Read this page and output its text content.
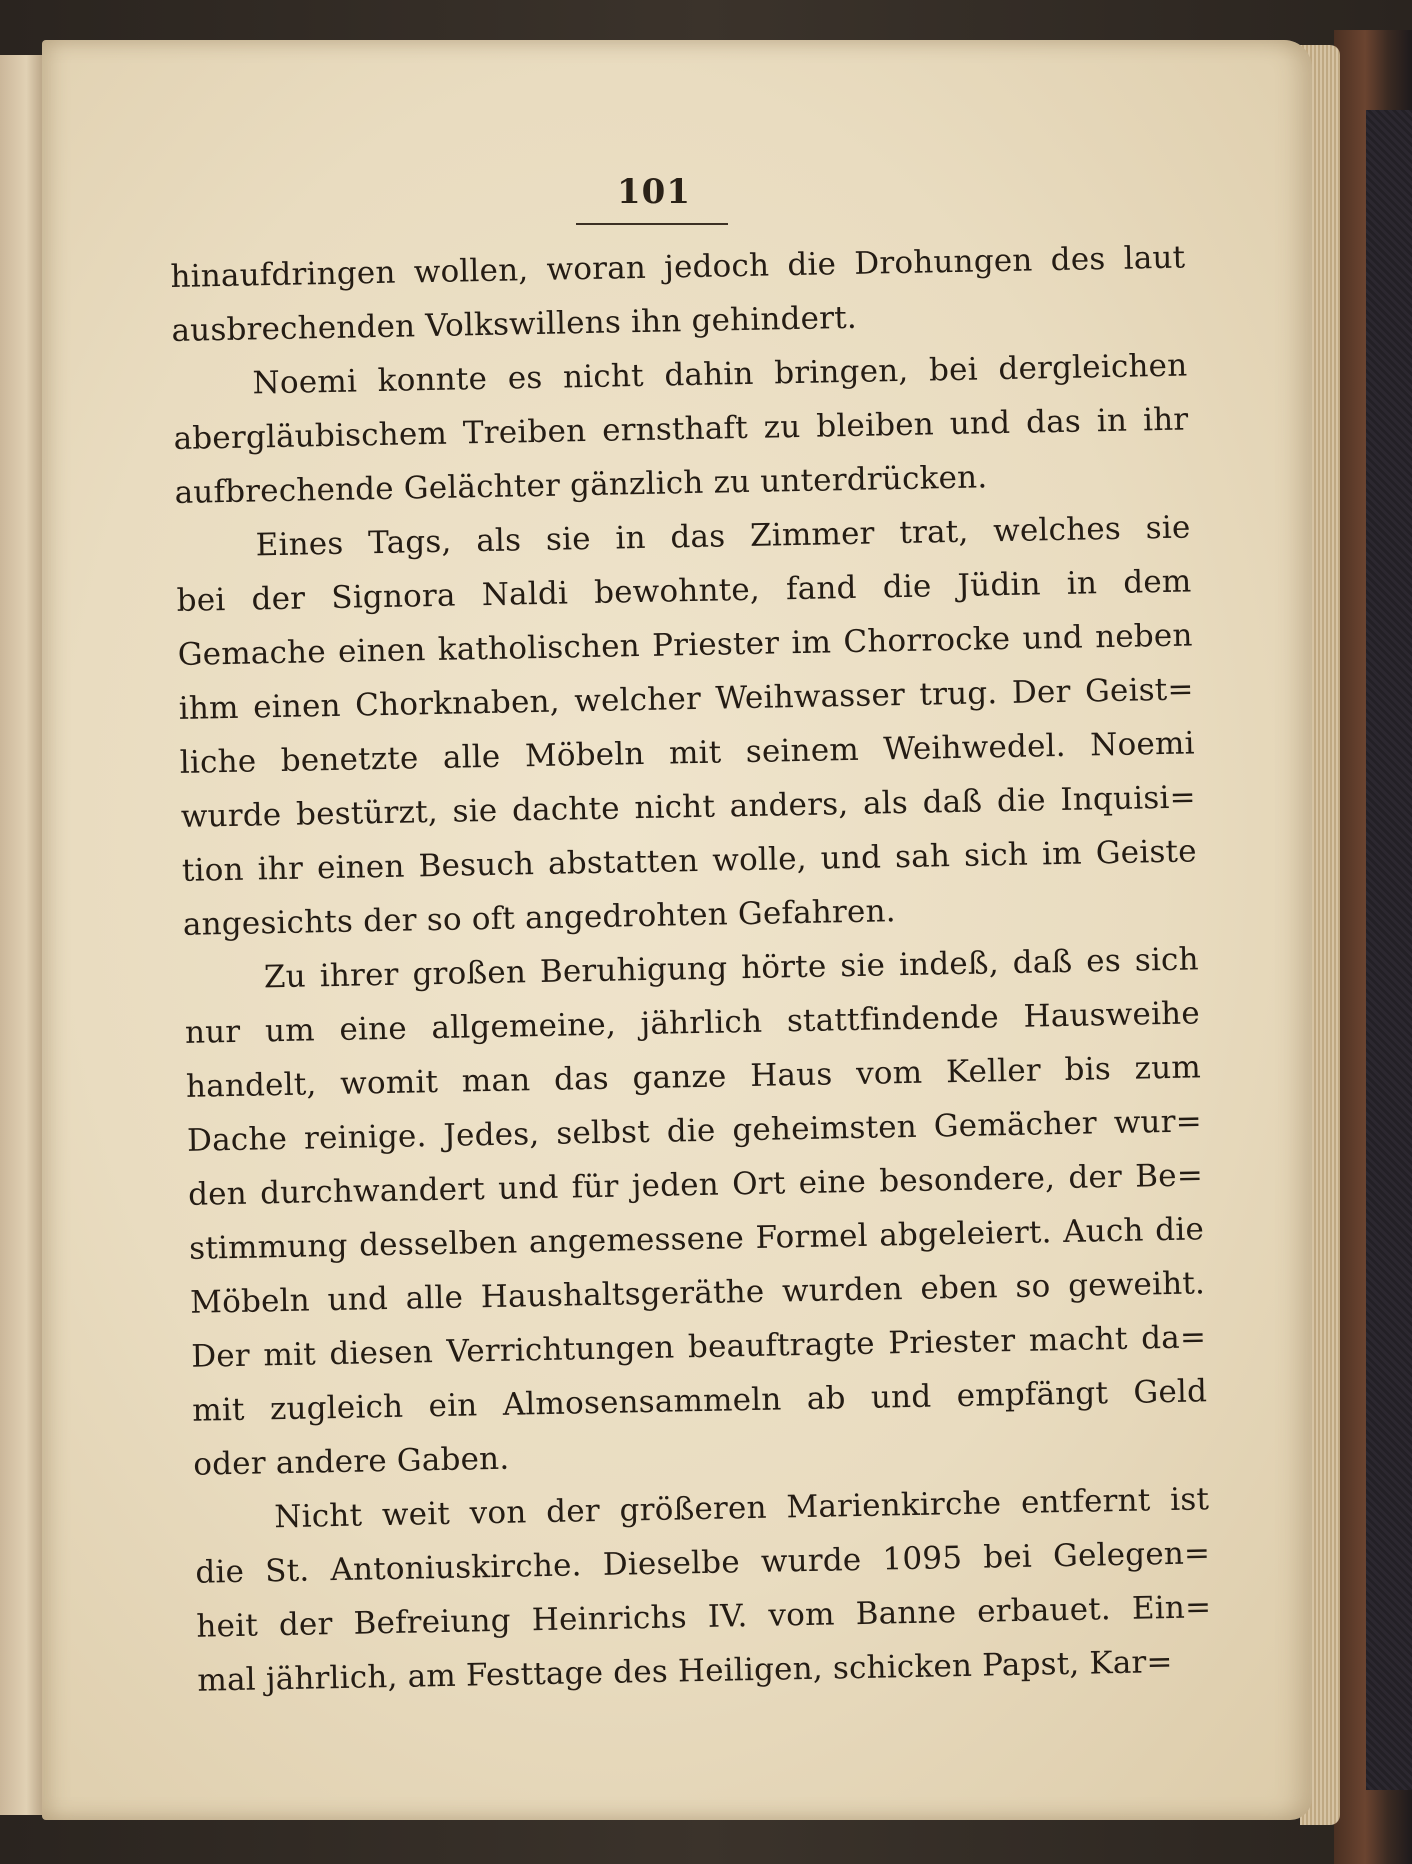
101
hinaufdringen wollen, woran jedoch die Drohungen des laut
ausbrechenden Volkswillens ihn gehindert.
Noemi konnte es nicht dahin bringen, bei dergleichen
abergläubischem Treiben ernsthaft zu bleiben und das in ihr
aufbrechende Gelächter gänzlich zu unterdrücken.
Eines Tags, als sie in das Zimmer trat, welches sie
bei der Signora Naldi bewohnte, fand die Jüdin in dem
Gemache einen katholischen Priester im Chorrocke und neben
ihm einen Chorknaben, welcher Weihwasser trug. Der Geist=
liche benetzte alle Möbeln mit seinem Weihwedel. Noemi
wurde bestürzt, sie dachte nicht anders, als daß die Inquisi=
tion ihr einen Besuch abstatten wolle, und sah sich im Geiste
angesichts der so oft angedrohten Gefahren.
Zu ihrer großen Beruhigung hörte sie indeß, daß es sich
nur um eine allgemeine, jährlich stattfindende Hausweihe
handelt, womit man das ganze Haus vom Keller bis zum
Dache reinige. Jedes, selbst die geheimsten Gemächer wur=
den durchwandert und für jeden Ort eine besondere, der Be=
stimmung desselben angemessene Formel abgeleiert. Auch die
Möbeln und alle Haushaltsgeräthe wurden eben so geweiht.
Der mit diesen Verrichtungen beauftragte Priester macht da=
mit zugleich ein Almosensammeln ab und empfängt Geld
oder andere Gaben.
Nicht weit von der größeren Marienkirche entfernt ist
die St. Antoniuskirche. Dieselbe wurde 1095 bei Gelegen=
heit der Befreiung Heinrichs IV. vom Banne erbauet. Ein=
mal jährlich, am Festtage des Heiligen, schicken Papst, Kar=
